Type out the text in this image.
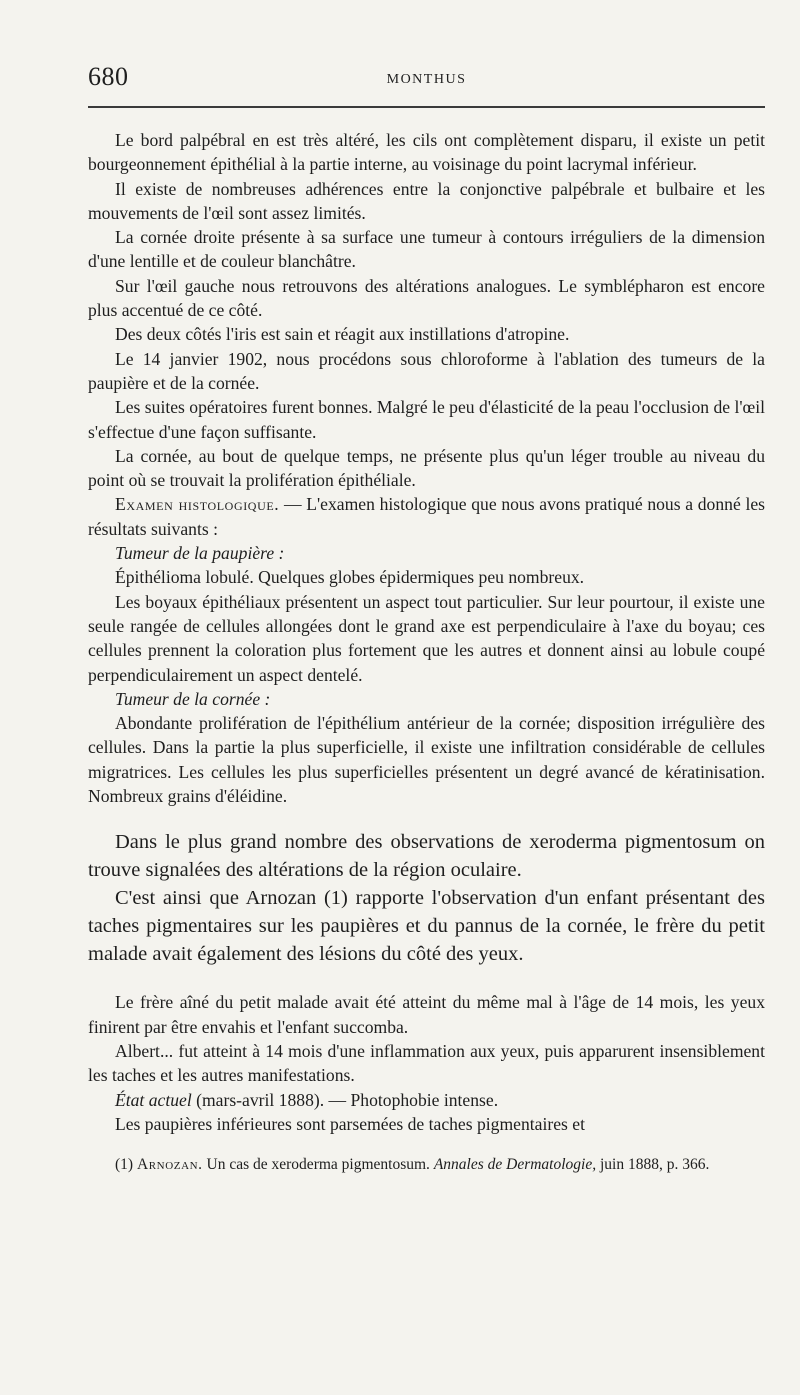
680	MONTHUS

Le bord palpébral en est très altéré, les cils ont complètement disparu, il existe un petit bourgeonnement épithélial à la partie interne, au voisinage du point lacrymal inférieur.

Il existe de nombreuses adhérences entre la conjonctive palpébrale et bulbaire et les mouvements de l'œil sont assez limités.

La cornée droite présente à sa surface une tumeur à contours irréguliers de la dimension d'une lentille et de couleur blanchâtre.

Sur l'œil gauche nous retrouvons des altérations analogues. Le symblépharon est encore plus accentué de ce côté.

Des deux côtés l'iris est sain et réagit aux instillations d'atropine.

Le 14 janvier 1902, nous procédons sous chloroforme à l'ablation des tumeurs de la paupière et de la cornée.

Les suites opératoires furent bonnes. Malgré le peu d'élasticité de la peau l'occlusion de l'œil s'effectue d'une façon suffisante.

La cornée, au bout de quelque temps, ne présente plus qu'un léger trouble au niveau du point où se trouvait la prolifération épithéliale.

Examen histologique. — L'examen histologique que nous avons pratiqué nous a donné les résultats suivants :

Tumeur de la paupière :

Épithélioma lobulé. Quelques globes épidermiques peu nombreux.

Les boyaux épithéliaux présentent un aspect tout particulier. Sur leur pourtour, il existe une seule rangée de cellules allongées dont le grand axe est perpendiculaire à l'axe du boyau; ces cellules prennent la coloration plus fortement que les autres et donnent ainsi au lobule coupé perpendiculairement un aspect dentelé.

Tumeur de la cornée :

Abondante prolifération de l'épithélium antérieur de la cornée; disposition irrégulière des cellules. Dans la partie la plus superficielle, il existe une infiltration considérable de cellules migratrices. Les cellules les plus superficielles présentent un degré avancé de kératinisation. Nombreux grains d'éléidine.

Dans le plus grand nombre des observations de xeroderma pigmentosum on trouve signalées des altérations de la région oculaire.

C'est ainsi que Arnozan (1) rapporte l'observation d'un enfant présentant des taches pigmentaires sur les paupières et du pannus de la cornée, le frère du petit malade avait également des lésions du côté des yeux.

Le frère aîné du petit malade avait été atteint du même mal à l'âge de 14 mois, les yeux finirent par être envahis et l'enfant succomba.

Albert... fut atteint à 14 mois d'une inflammation aux yeux, puis apparurent insensiblement les taches et les autres manifestations.

État actuel (mars-avril 1888). — Photophobie intense.

Les paupières inférieures sont parsemées de taches pigmentaires et

(1) Arnozan. Un cas de xeroderma pigmentosum. Annales de Dermatologie, juin 1888, p. 366.
